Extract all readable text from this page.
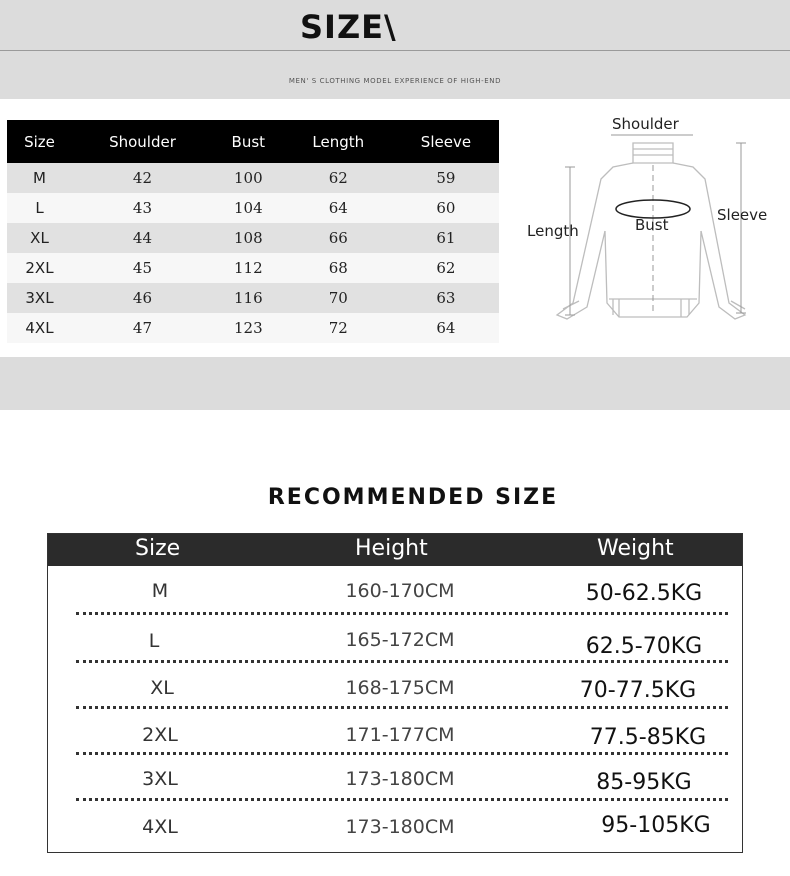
SIZE\
MEN' S CLOTHING MODEL EXPERIENCE OF HIGH-END
Size	Shoulder	Bust	Length	Sleeve
M	42	100	62	59
L	43	104	64	60
XL	44	108	66	61
2XL	45	112	68	62
3XL	46	116	70	63
4XL	47	123	72	64
Shoulder
Bust
Length
Sleeve
RECOMMENDED SIZE
Size	Height	Weight
M	160-170CM	50-62.5KG
L	165-172CM	62.5-70KG
XL	168-175CM	70-77.5KG
2XL	171-177CM	77.5-85KG
3XL	173-180CM	85-95KG
4XL	173-180CM	95-105KG
